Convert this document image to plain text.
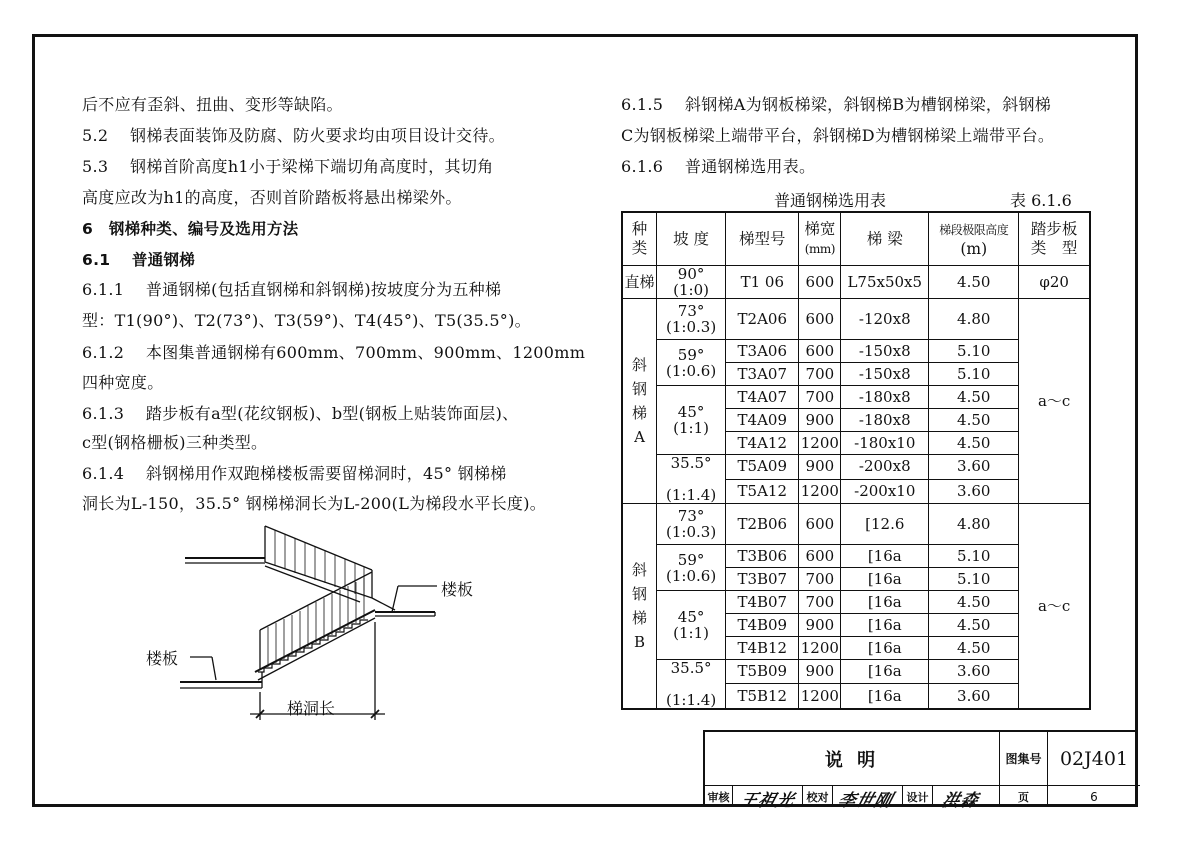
后不应有歪斜、扭曲、变形等缺陷。
5.2　 钢梯表面装饰及防腐、防火要求均由项目设计交待。
5.3　 钢梯首阶高度h1小于梁梯下端切角高度时，其切角
高度应改为h1的高度，否则首阶踏板将悬出梯梁外。
6　钢梯种类、编号及选用方法
6.1　 普通钢梯
6.1.1　 普通钢梯(包括直钢梯和斜钢梯)按坡度分为五种梯
型：T1(90°)、T2(73°)、T3(59°)、T4(45°)、T5(35.5°)。
6.1.2　 本图集普通钢梯有600mm、700mm、900mm、1200mm
四种宽度。
6.1.3　 踏步板有a型(花纹钢板)、b型(钢板上贴装饰面层)、
c型(钢格栅板)三种类型。
6.1.4　 斜钢梯用作双跑梯楼板需要留梯洞时，45° 钢梯梯
洞长为L-150，35.5° 钢梯梯洞长为L-200(L为梯段水平长度)。
楼板
楼板
梯洞长
6.1.5　 斜钢梯A为钢板梯梁，斜钢梯B为槽钢梯梁，斜钢梯
C为钢板梯梁上端带平台，斜钢梯D为槽钢梯梁上端带平台。
6.1.6　 普通钢梯选用表。
普通钢梯选用表	表 6.1.6
种
类	坡 度	梯型号	梯宽
(mm)	梯 梁	梯段极限高度
(m)	踏步板
类　型
直梯	90°
(1:0)	T1 06	600	L75x50x5	4.50	φ20

斜
钢
梯
A	73°
(1:0.3)	T2A06	600	-120x8	4.80	a～c
	59°
(1:0.6)	T3A06	600	-150x8	5.10	
		T3A07	700	-150x8	5.10	
	45°
(1:1)	T4A07	700	-180x8	4.50	
		T4A09	900	-180x8	4.50	
		T4A12	1200	-180x10	4.50	
	35.5°

(1:1.4)	T5A09	900	-200x8	3.60	
		T5A12	1200	-200x10	3.60	

斜
钢
梯
B	73°
(1:0.3)	T2B06	600	[12.6	4.80	a～c
	59°
(1:0.6)	T3B06	600	[16a	5.10	
		T3B07	700	[16a	5.10	
	45°
(1:1)	T4B07	700	[16a	4.50	
		T4B09	900	[16a	4.50	
		T4B12	1200	[16a	4.50	
	35.5°

(1:1.4)	T5B09	900	[16a	3.60	
		T5B12	1200	[16a	3.60	
说 明	图集号 02J401
审核 王祖光 校对 李世刚	设计 洪森	页	6
